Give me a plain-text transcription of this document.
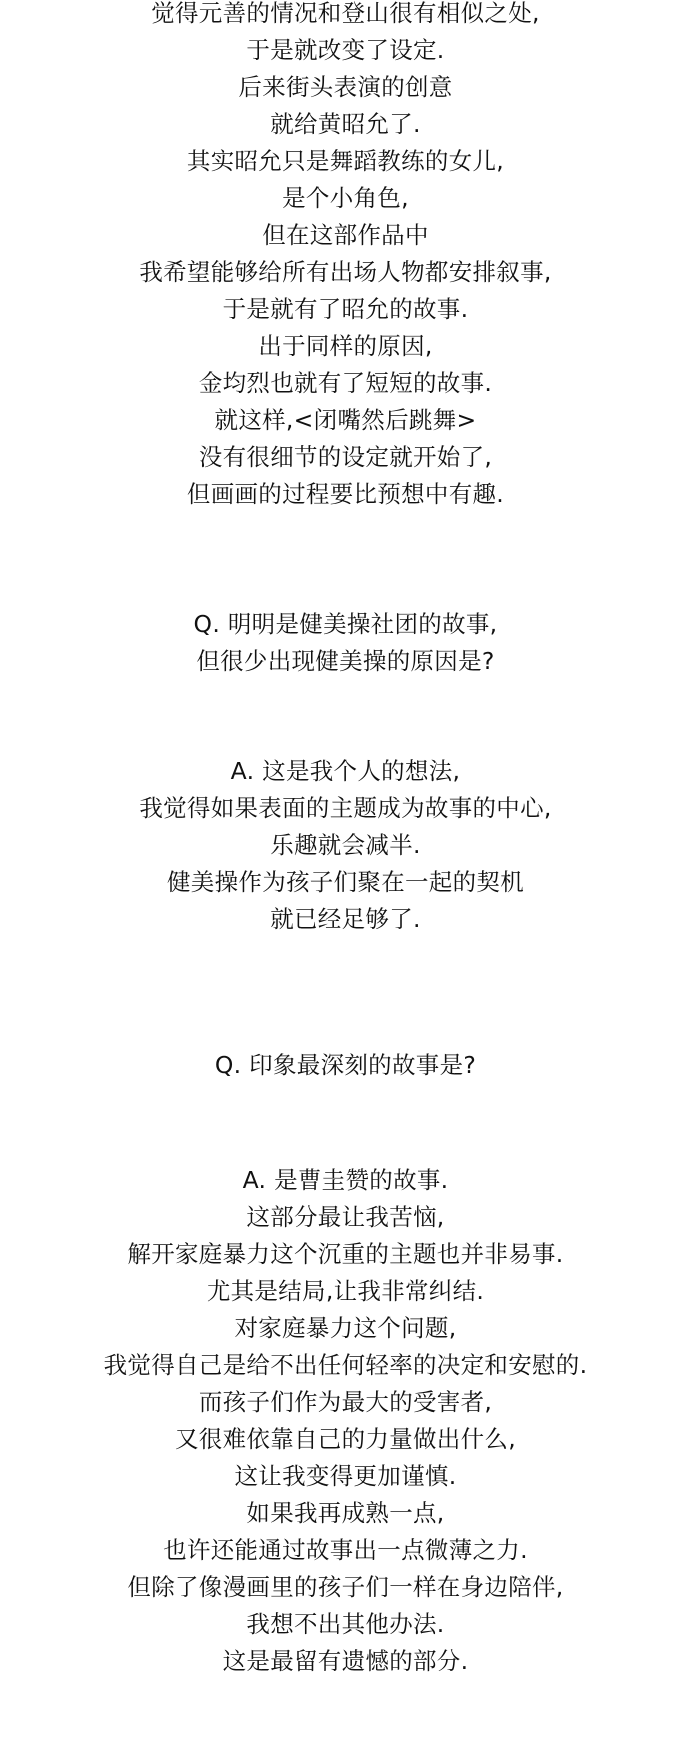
觉得元善的情况和登山很有相似之处,
于是就改变了设定.
后来街头表演的创意
就给黄昭允了.
其实昭允只是舞蹈教练的女儿,
是个小角色,
但在这部作品中
我希望能够给所有出场人物都安排叙事,
于是就有了昭允的故事.
出于同样的原因,
金均烈也就有了短短的故事.
就这样,<闭嘴然后跳舞>
没有很细节的设定就开始了,
但画画的过程要比预想中有趣.
Q. 明明是健美操社团的故事,
但很少出现健美操的原因是?
A. 这是我个人的想法,
我觉得如果表面的主题成为故事的中心,
乐趣就会减半.
健美操作为孩子们聚在一起的契机
就已经足够了.
Q. 印象最深刻的故事是?
A. 是曹圭赞的故事.
这部分最让我苦恼,
解开家庭暴力这个沉重的主题也并非易事.
尤其是结局,让我非常纠结.
对家庭暴力这个问题,
我觉得自己是给不出任何轻率的决定和安慰的.
而孩子们作为最大的受害者,
又很难依靠自己的力量做出什么,
这让我变得更加谨慎.
如果我再成熟一点,
也许还能通过故事出一点微薄之力.
但除了像漫画里的孩子们一样在身边陪伴,
我想不出其他办法.
这是最留有遗憾的部分.
